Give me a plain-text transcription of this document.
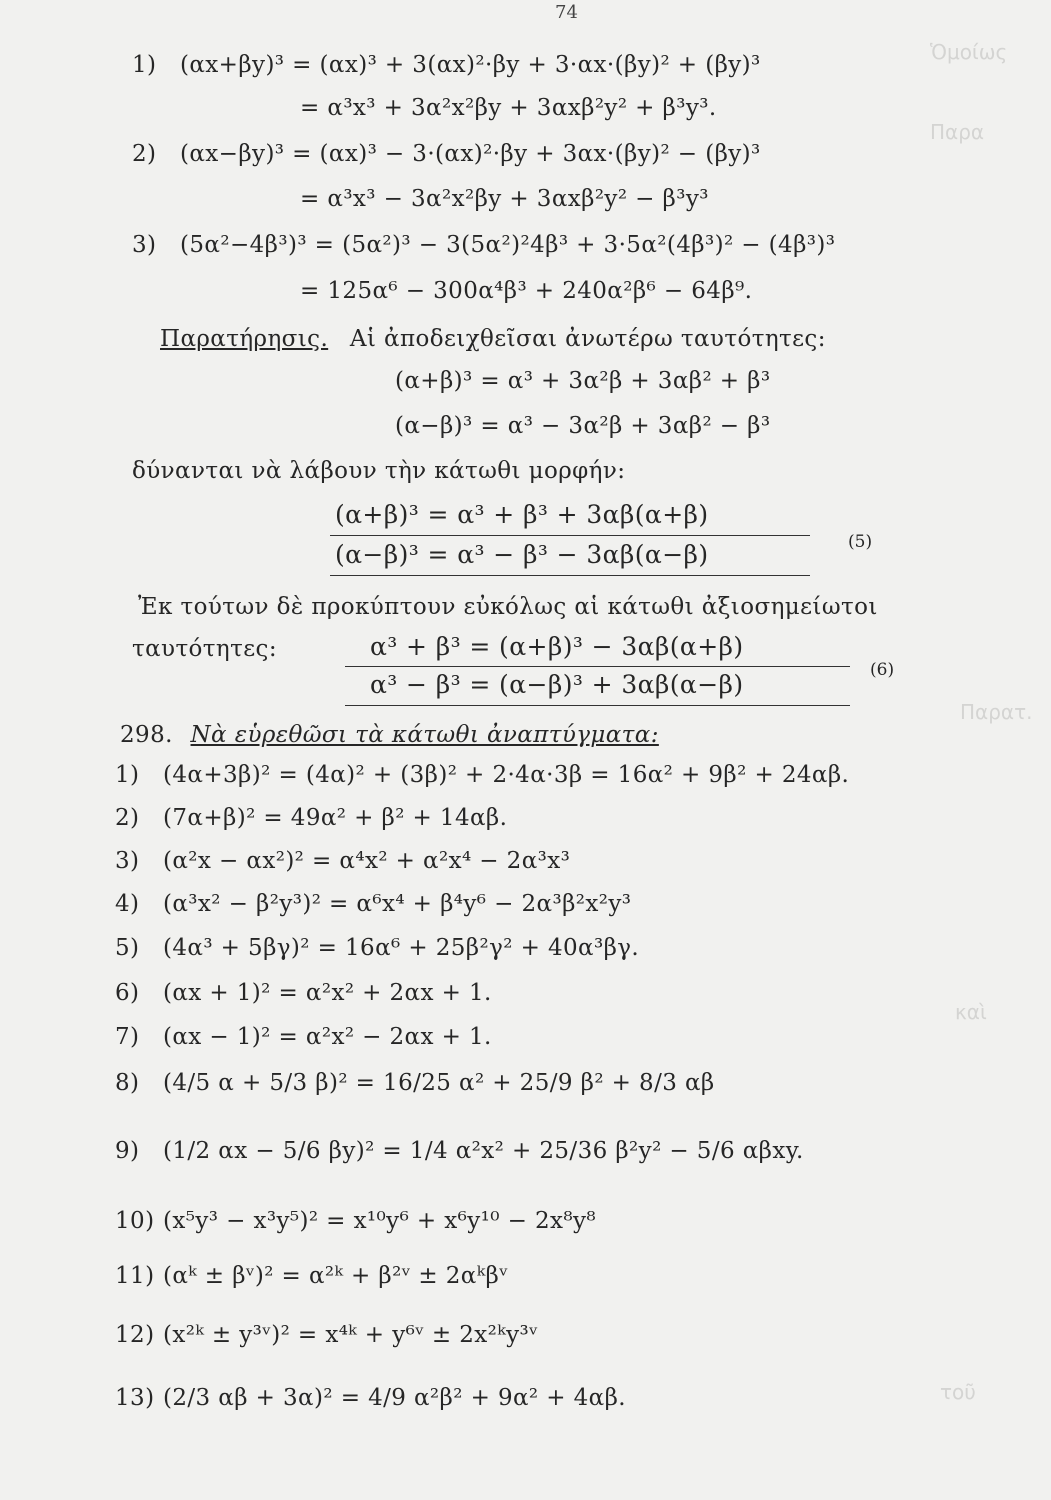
74
Ὁμοίως
Παρα
Παρατ.
καὶ
τοῦ
1) (αx+βy)³ = (αx)³ + 3(αx)²·βy + 3·αx·(βy)² + (βy)³
= α³x³ + 3α²x²βy + 3αxβ²y² + β³y³.
2) (αx−βy)³ = (αx)³ − 3·(αx)²·βy + 3αx·(βy)² − (βy)³
= α³x³ − 3α²x²βy + 3αxβ²y² − β³y³
3) (5α²−4β³)³ = (5α²)³ − 3(5α²)²4β³ + 3·5α²(4β³)² − (4β³)³
= 125α⁶ − 300α⁴β³ + 240α²β⁶ − 64β⁹.
Παρατήρησις. Αἱ ἀποδειχθεῖσαι ἀνωτέρω ταυτότητες:
(α+β)³ = α³ + 3α²β + 3αβ² + β³
(α−β)³ = α³ − 3α²β + 3αβ² − β³
δύνανται νὰ λάβουν τὴν κάτωθι μορφήν:
(α+β)³ = α³ + β³ + 3αβ(α+β)
(α−β)³ = α³ − β³ − 3αβ(α−β)	(5)
Ἐκ τούτων δὲ προκύπτουν εὐκόλως αἱ κάτωθι ἀξιοσημείωτοι
ταυτότητες:	α³ + β³ = (α+β)³ − 3αβ(α+β)
α³ − β³ = (α−β)³ + 3αβ(α−β)	(6)
298. Νὰ εὑρεθῶσι τὰ κάτωθι ἀναπτύγματα:
1) (4α+3β)² = (4α)² + (3β)² + 2·4α·3β = 16α² + 9β² + 24αβ.
2) (7α+β)² = 49α² + β² + 14αβ.
3) (α²x − αx²)² = α⁴x² + α²x⁴ − 2α³x³
4) (α³x² − β²y³)² = α⁶x⁴ + β⁴y⁶ − 2α³β²x²y³
5) (4α³ + 5βγ)² = 16α⁶ + 25β²γ² + 40α³βγ.
6) (αx + 1)² = α²x² + 2αx + 1.
7) (αx − 1)² = α²x² − 2αx + 1.
8) (4/5 α + 5/3 β)² = 16/25 α² + 25/9 β² + 8/3 αβ
9) (1/2 αx − 5/6 βy)² = 1/4 α²x² + 25/36 β²y² − 5/6 αβxy.
10) (x⁵y³ − x³y⁵)² = x¹⁰y⁶ + x⁶y¹⁰ − 2x⁸y⁸
11) (αᵏ ± βᵛ)² = α²ᵏ + β²ᵛ ± 2αᵏβᵛ
12) (x²ᵏ ± y³ᵛ)² = x⁴ᵏ + y⁶ᵛ ± 2x²ᵏy³ᵛ
13) (2/3 αβ + 3α)² = 4/9 α²β² + 9α² + 4αβ.
